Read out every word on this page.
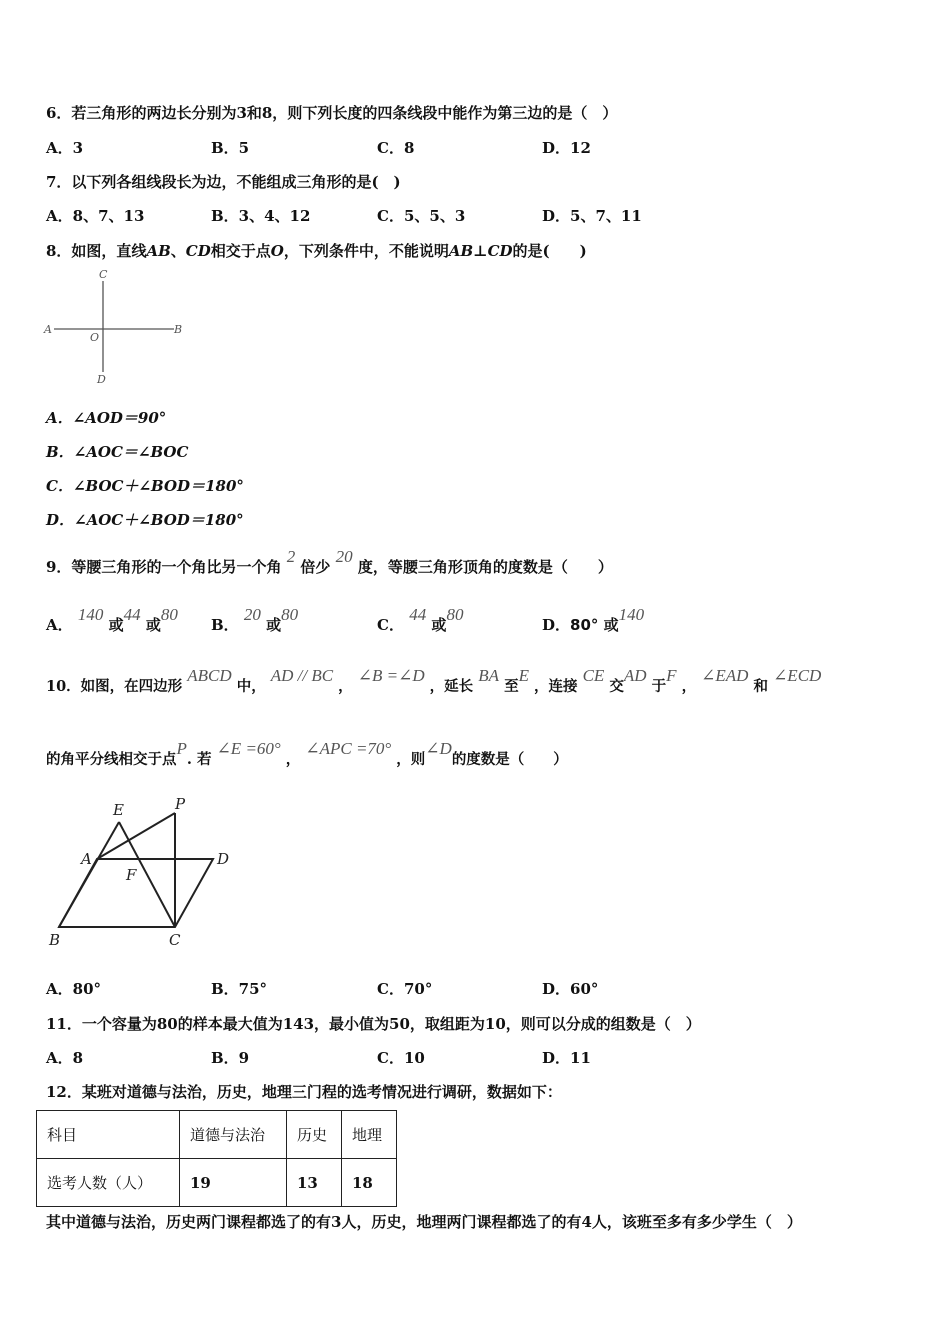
6．若三角形的两边长分别为3和8，则下列长度的四条线段中能作为第三边的是（　）
A．3	B．5	C．8	D．12
7．以下列各组线段长为边，不能组成三角形的是(　)
A．8、7、13	B．3、4、12	C．5、5、3	D．5、7、11
8．如图，直线AB、CD相交于点O，下列条件中，不能说明AB⊥CD的是(　　)
C
A
O
B
D
A．∠AOD＝90°
B．∠AOC＝∠BOC
C．∠BOC＋∠BOD＝180°
D．∠AOC＋∠BOD＝180°
9．等腰三角形的一个角比另一个角 2 倍少 20 度，等腰三角形顶角的度数是（　　）
A． 140 或44 或80
B． 20 或80
C． 44 或80
D．80° 或140
10．如图，在四边形 ABCD 中， AD // BC ， ∠B =∠D ，延长 BA 至E ，连接 CE 交AD 于F ， ∠EAD 和 ∠ECD
的角平分线相交于点P. 若 ∠E =60° ， ∠APC =70° ，则∠D的度数是（　　）
E	P
A	D
F
B	C
A．80°	B．75°	C．70°	D．60°
11．一个容量为80的样本最大值为143，最小值为50，取组距为10，则可以分成的组数是（　）
A．8	B．9	C．10	D．11
12．某班对道德与法治，历史，地理三门程的选考情况进行调研，数据如下：
科目	道德与法治	历史	地理
选考人数（人）	19	13	18
其中道德与法治，历史两门课程都选了的有3人，历史，地理两门课程都选了的有4人，该班至多有多少学生（　）
